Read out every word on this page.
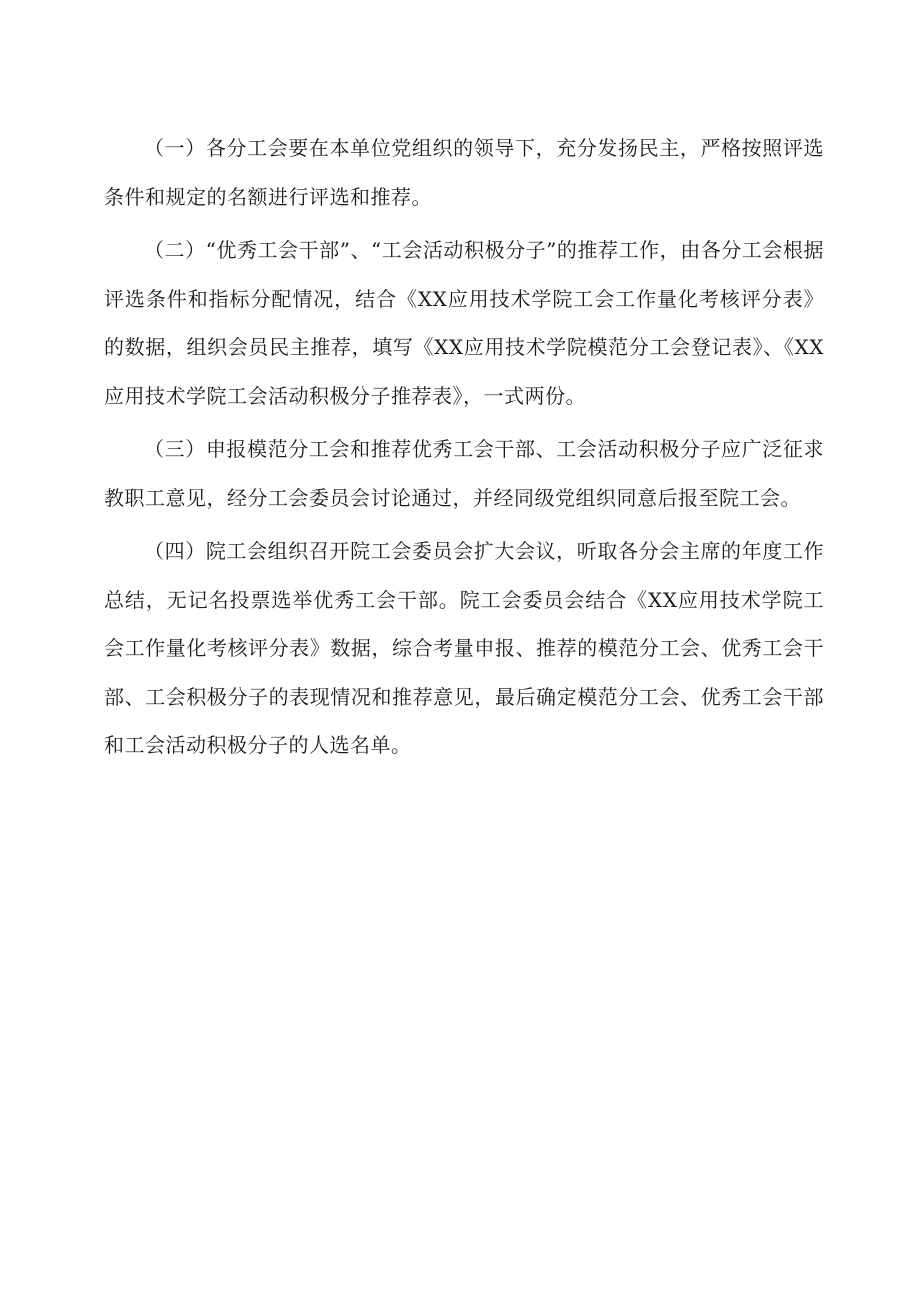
（一）各分工会要在本单位党组织的领导下，充分发扬民主，严格按照评选条件和规定的名额进行评选和推荐。

（二）“优秀工会干部”、“工会活动积极分子”的推荐工作，由各分工会根据评选条件和指标分配情况，结合《XX应用技术学院工会工作量化考核评分表》的数据，组织会员民主推荐，填写《XX应用技术学院模范分工会登记表》、《XX应用技术学院工会活动积极分子推荐表》，一式两份。

（三）申报模范分工会和推荐优秀工会干部、工会活动积极分子应广泛征求教职工意见，经分工会委员会讨论通过，并经同级党组织同意后报至院工会。

（四）院工会组织召开院工会委员会扩大会议，听取各分会主席的年度工作总结，无记名投票选举优秀工会干部。院工会委员会结合《XX应用技术学院工会工作量化考核评分表》数据，综合考量申报、推荐的模范分工会、优秀工会干部、工会积极分子的表现情况和推荐意见，最后确定模范分工会、优秀工会干部和工会活动积极分子的人选名单。
